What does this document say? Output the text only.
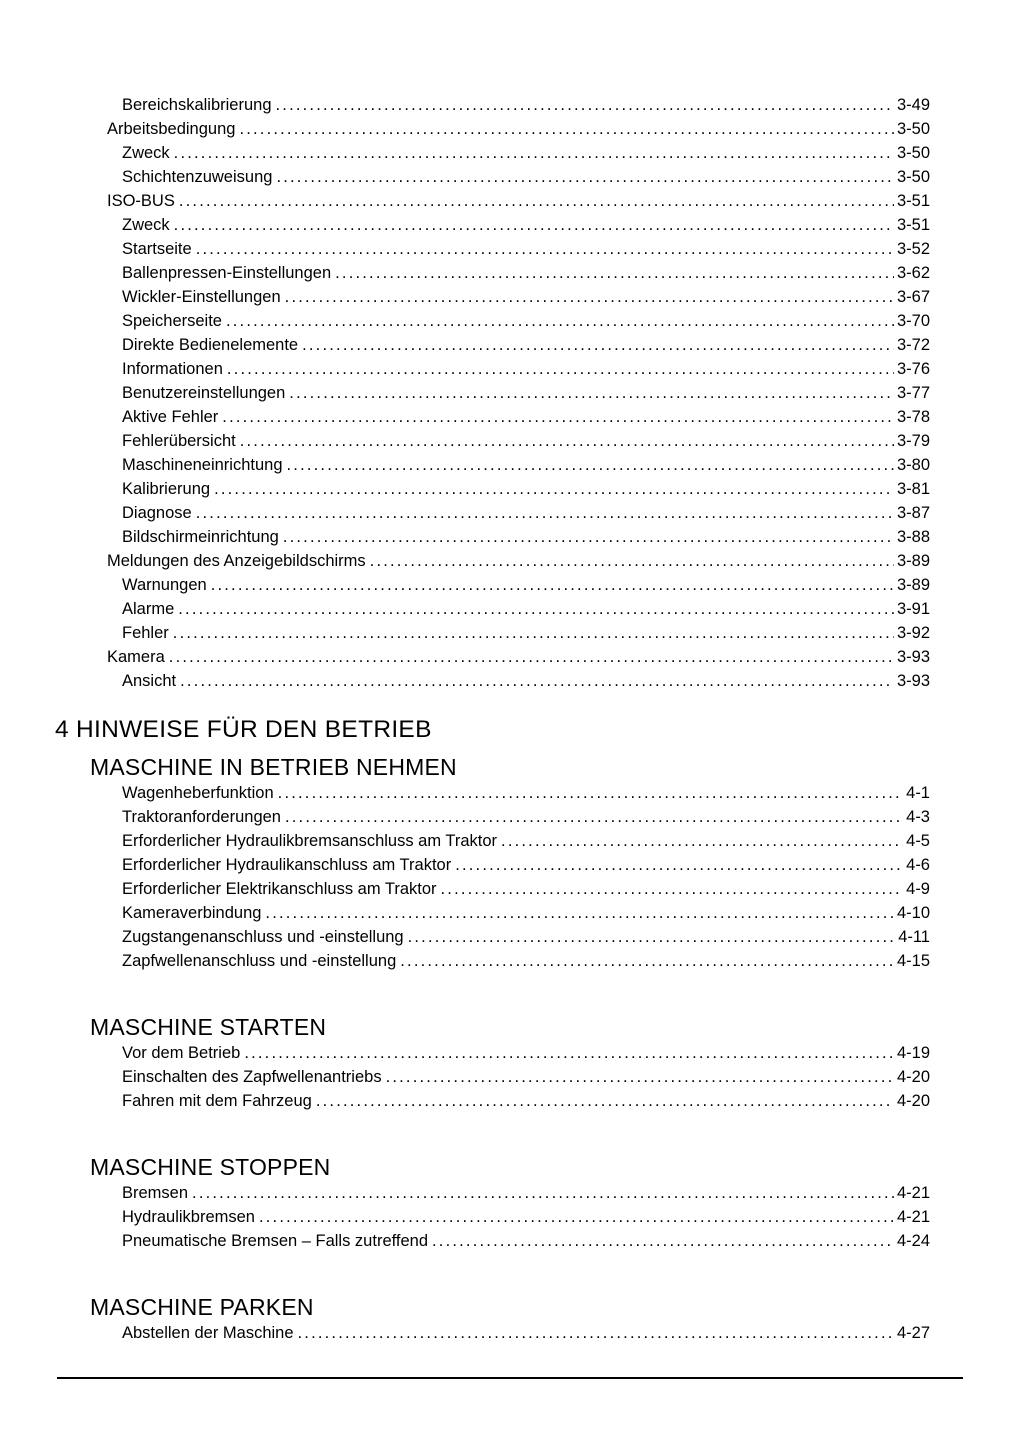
Bereichskalibrierung .....	3-49
Arbeitsbedingung .....	3-50
Zweck .....	3-50
Schichtenzuweisung .....	3-50
ISO-BUS .....	3-51
Zweck .....	3-51
Startseite .....	3-52
Ballenpressen-Einstellungen .....	3-62
Wickler-Einstellungen .....	3-67
Speicherseite .....	3-70
Direkte Bedienelemente .....	3-72
Informationen .....	3-76
Benutzereinstellungen .....	3-77
Aktive Fehler .....	3-78
Fehlerübersicht .....	3-79
Maschineneinrichtung .....	3-80
Kalibrierung .....	3-81
Diagnose .....	3-87
Bildschirmeinrichtung .....	3-88
Meldungen des Anzeigebildschirms .....	3-89
Warnungen .....	3-89
Alarme .....	3-91
Fehler .....	3-92
Kamera .....	3-93
Ansicht .....	3-93
4 HINWEISE FÜR DEN BETRIEB
MASCHINE IN BETRIEB NEHMEN
Wagenheberfunktion .....	4-1
Traktoranforderungen .....	4-3
Erforderlicher Hydraulikbremsanschluss am Traktor .....	4-5
Erforderlicher Hydraulikanschluss am Traktor .....	4-6
Erforderlicher Elektrikanschluss am Traktor .....	4-9
Kameraverbindung .....	4-10
Zugstangenanschluss und -einstellung .....	4-11
Zapfwellenanschluss und -einstellung .....	4-15
MASCHINE STARTEN
Vor dem Betrieb .....	4-19
Einschalten des Zapfwellenantriebs .....	4-20
Fahren mit dem Fahrzeug .....	4-20
MASCHINE STOPPEN
Bremsen .....	4-21
Hydraulikbremsen .....	4-21
Pneumatische Bremsen – Falls zutreffend .....	4-24
MASCHINE PARKEN
Abstellen der Maschine .....	4-27
